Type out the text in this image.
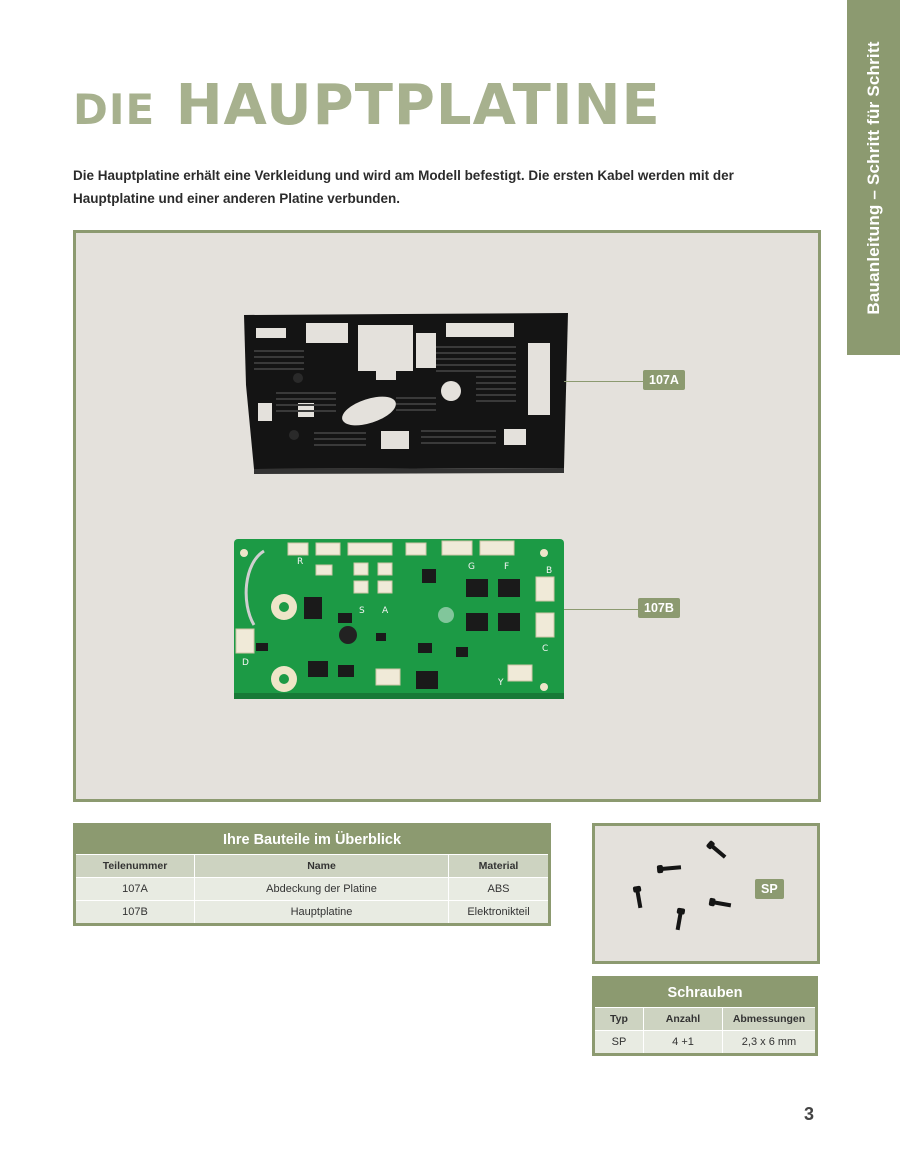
Bauanleitung – Schritt für Schritt
DIE HAUPTPLATINE

Die Hauptplatine erhält eine Verkleidung und wird am Modell befestigt. Die ersten Kabel werden mit der Hauptplatine und einer anderen Platine verbunden.

R
B
S A
F
G
C
D
Y
107A
107B
Ihre Bauteile im Überblick		
Teilenummer	Name	Material
107A	Abdeckung der Platine	ABS
107B	Hauptplatine	Elektronikteil
SP
Schrauben		
Typ	Anzahl	Abmessungen
SP	4 +1	2,3 x 6 mm
3
